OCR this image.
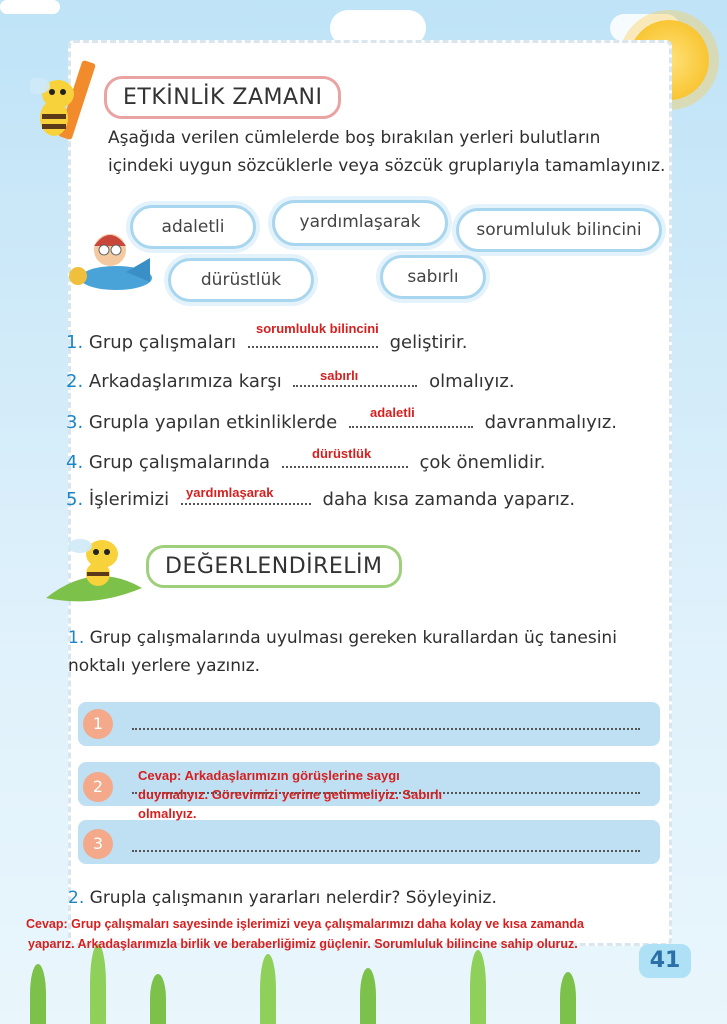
ETKİNLİK ZAMANI
Aşağıda verilen cümlelerde boş bırakılan yerleri bulutların içindeki uygun sözcüklerle veya sözcük gruplarıyla tamamlayınız.
adaletli	yardımlaşarak	sorumluluk bilincini
dürüstlük	sabırlı
1. Grup çalışmaları	geliştirir.
sorumluluk bilincini
2. Arkadaşlarımıza karşı	olmalıyız.
sabırlı
3. Grupla yapılan etkinliklerde	davranmalıyız.
adaletli
4. Grup çalışmalarında	çok önemlidir.
dürüstlük
5. İşlerimizi	daha kısa zamanda yaparız.
yardımlaşarak
DEĞERLENDİRELİM
1. Grup çalışmalarında uyulması gereken kurallardan üç tanesini noktalı yerlere yazınız.
1
2
3
Cevap: Arkadaşlarımızın görüşlerine saygı
duymalıyız. Görevimizi yerine getirmeliyiz. Sabırlı
olmalıyız.
2. Grupla çalışmanın yararları nelerdir? Söyleyiniz.
Cevap: Grup çalışmaları sayesinde işlerimizi veya çalışmalarımızı daha kolay ve kısa zamanda
yaparız. Arkadaşlarımızla birlik ve beraberliğimiz güçlenir. Sorumluluk bilincine sahip oluruz.
41
